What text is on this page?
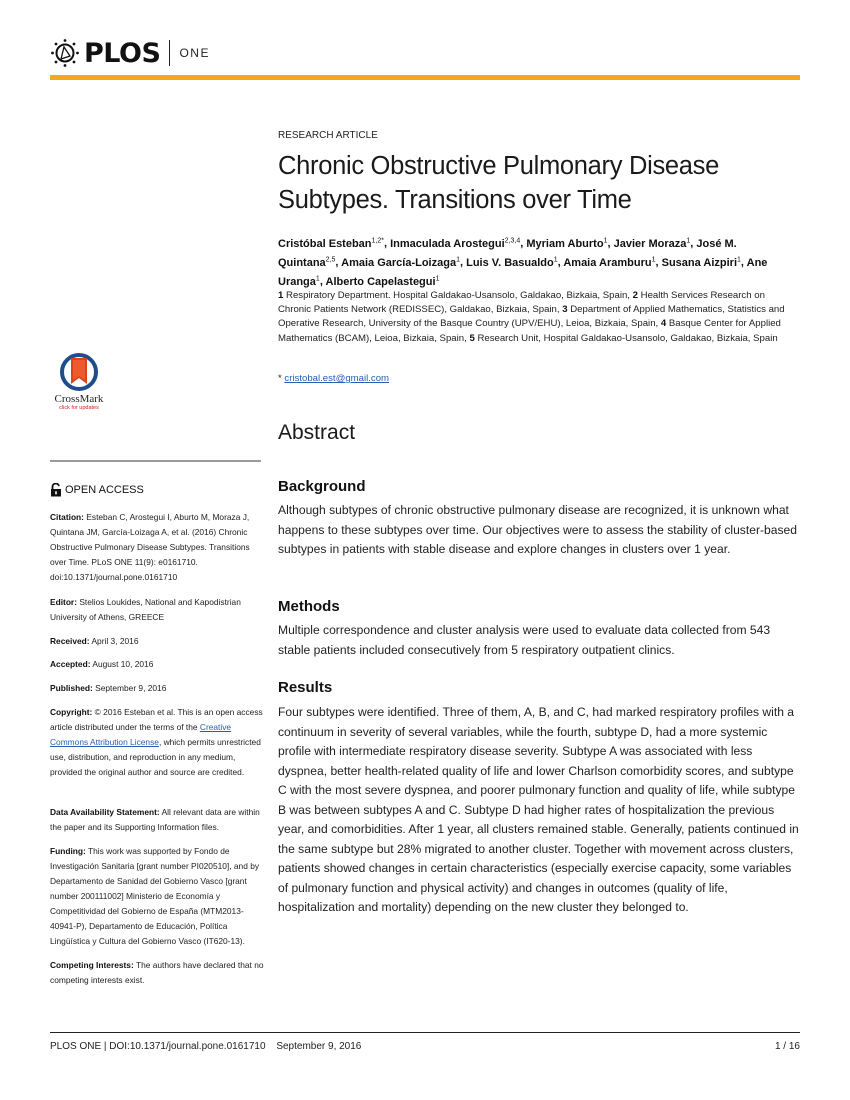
PLOS ONE
CrossMark
click for updates
OPEN ACCESS
Citation: Esteban C, Arostegui I, Aburto M, Moraza J, Quintana JM, García-Loizaga A, et al. (2016) Chronic Obstructive Pulmonary Disease Subtypes. Transitions over Time. PLoS ONE 11(9): e0161710. doi:10.1371/journal.pone.0161710
Editor: Stelios Loukides, National and Kapodistrian University of Athens, GREECE
Received: April 3, 2016
Accepted: August 10, 2016
Published: September 9, 2016
Copyright: © 2016 Esteban et al. This is an open access article distributed under the terms of the Creative Commons Attribution License, which permits unrestricted use, distribution, and reproduction in any medium, provided the original author and source are credited.
Data Availability Statement: All relevant data are within the paper and its Supporting Information files.
Funding: This work was supported by Fondo de Investigación Sanitaria [grant number PI020510], and by Departamento de Sanidad del Gobierno Vasco [grant number 200111002] Ministerio de Economía y Competitividad del Gobierno de España (MTM2013-40941-P), Departamento de Educación, Política Lingüística y Cultura del Gobierno Vasco (IT620-13).
Competing Interests: The authors have declared that no competing interests exist.
RESEARCH ARTICLE
Chronic Obstructive Pulmonary Disease
Subtypes. Transitions over Time
Cristóbal Esteban$^{1,2*}$, Inmaculada Arostegui$^{2,3,4}$, Myriam Aburto$^1$, Javier Moraza$^1$, José M. Quintana$^{2,5}$, Amaia García-Loizaga$^1$, Luis V. Basualdo$^1$, Amaia Aramburu$^1$, Susana Aizpiri$^1$, Ane Uranga$^1$, Alberto Capelastegui$^1$
1 Respiratory Department. Hospital Galdakao-Usansolo, Galdakao, Bizkaia, Spain, 2 Health Services Research on Chronic Patients Network (REDISSEC), Galdakao, Bizkaia, Spain, 3 Department of Applied Mathematics, Statistics and Operative Research, University of the Basque Country (UPV/EHU), Leioa, Bizkaia, Spain, 4 Basque Center for Applied Mathematics (BCAM), Leioa, Bizkaia, Spain, 5 Research Unit, Hospital Galdakao-Usansolo, Galdakao, Bizkaia, Spain
* cristobal.est@gmail.com
Abstract
Background
Although subtypes of chronic obstructive pulmonary disease are recognized, it is unknown what happens to these subtypes over time. Our objectives were to assess the stability of cluster-based subtypes in patients with stable disease and explore changes in clusters over 1 year.
Methods
Multiple correspondence and cluster analysis were used to evaluate data collected from 543 stable patients included consecutively from 5 respiratory outpatient clinics.
Results
Four subtypes were identified. Three of them, A, B, and C, had marked respiratory profiles with a continuum in severity of several variables, while the fourth, subtype D, had a more systemic profile with intermediate respiratory disease severity. Subtype A was associated with less dyspnea, better health-related quality of life and lower Charlson comorbidity scores, and subtype C with the most severe dyspnea, and poorer pulmonary function and quality of life, while subtype B was between subtypes A and C. Subtype D had higher rates of hospitalization the previous year, and comorbidities. After 1 year, all clusters remained stable. Generally, patients continued in the same subtype but 28% migrated to another cluster. Together with movement across clusters, patients showed changes in certain characteristics (especially exercise capacity, some variables of pulmonary function and physical activity) and changes in outcomes (quality of life, hospitalization and mortality) depending on the new cluster they belonged to.
PLOS ONE | DOI:10.1371/journal.pone.0161710 September 9, 2016	1 / 16
